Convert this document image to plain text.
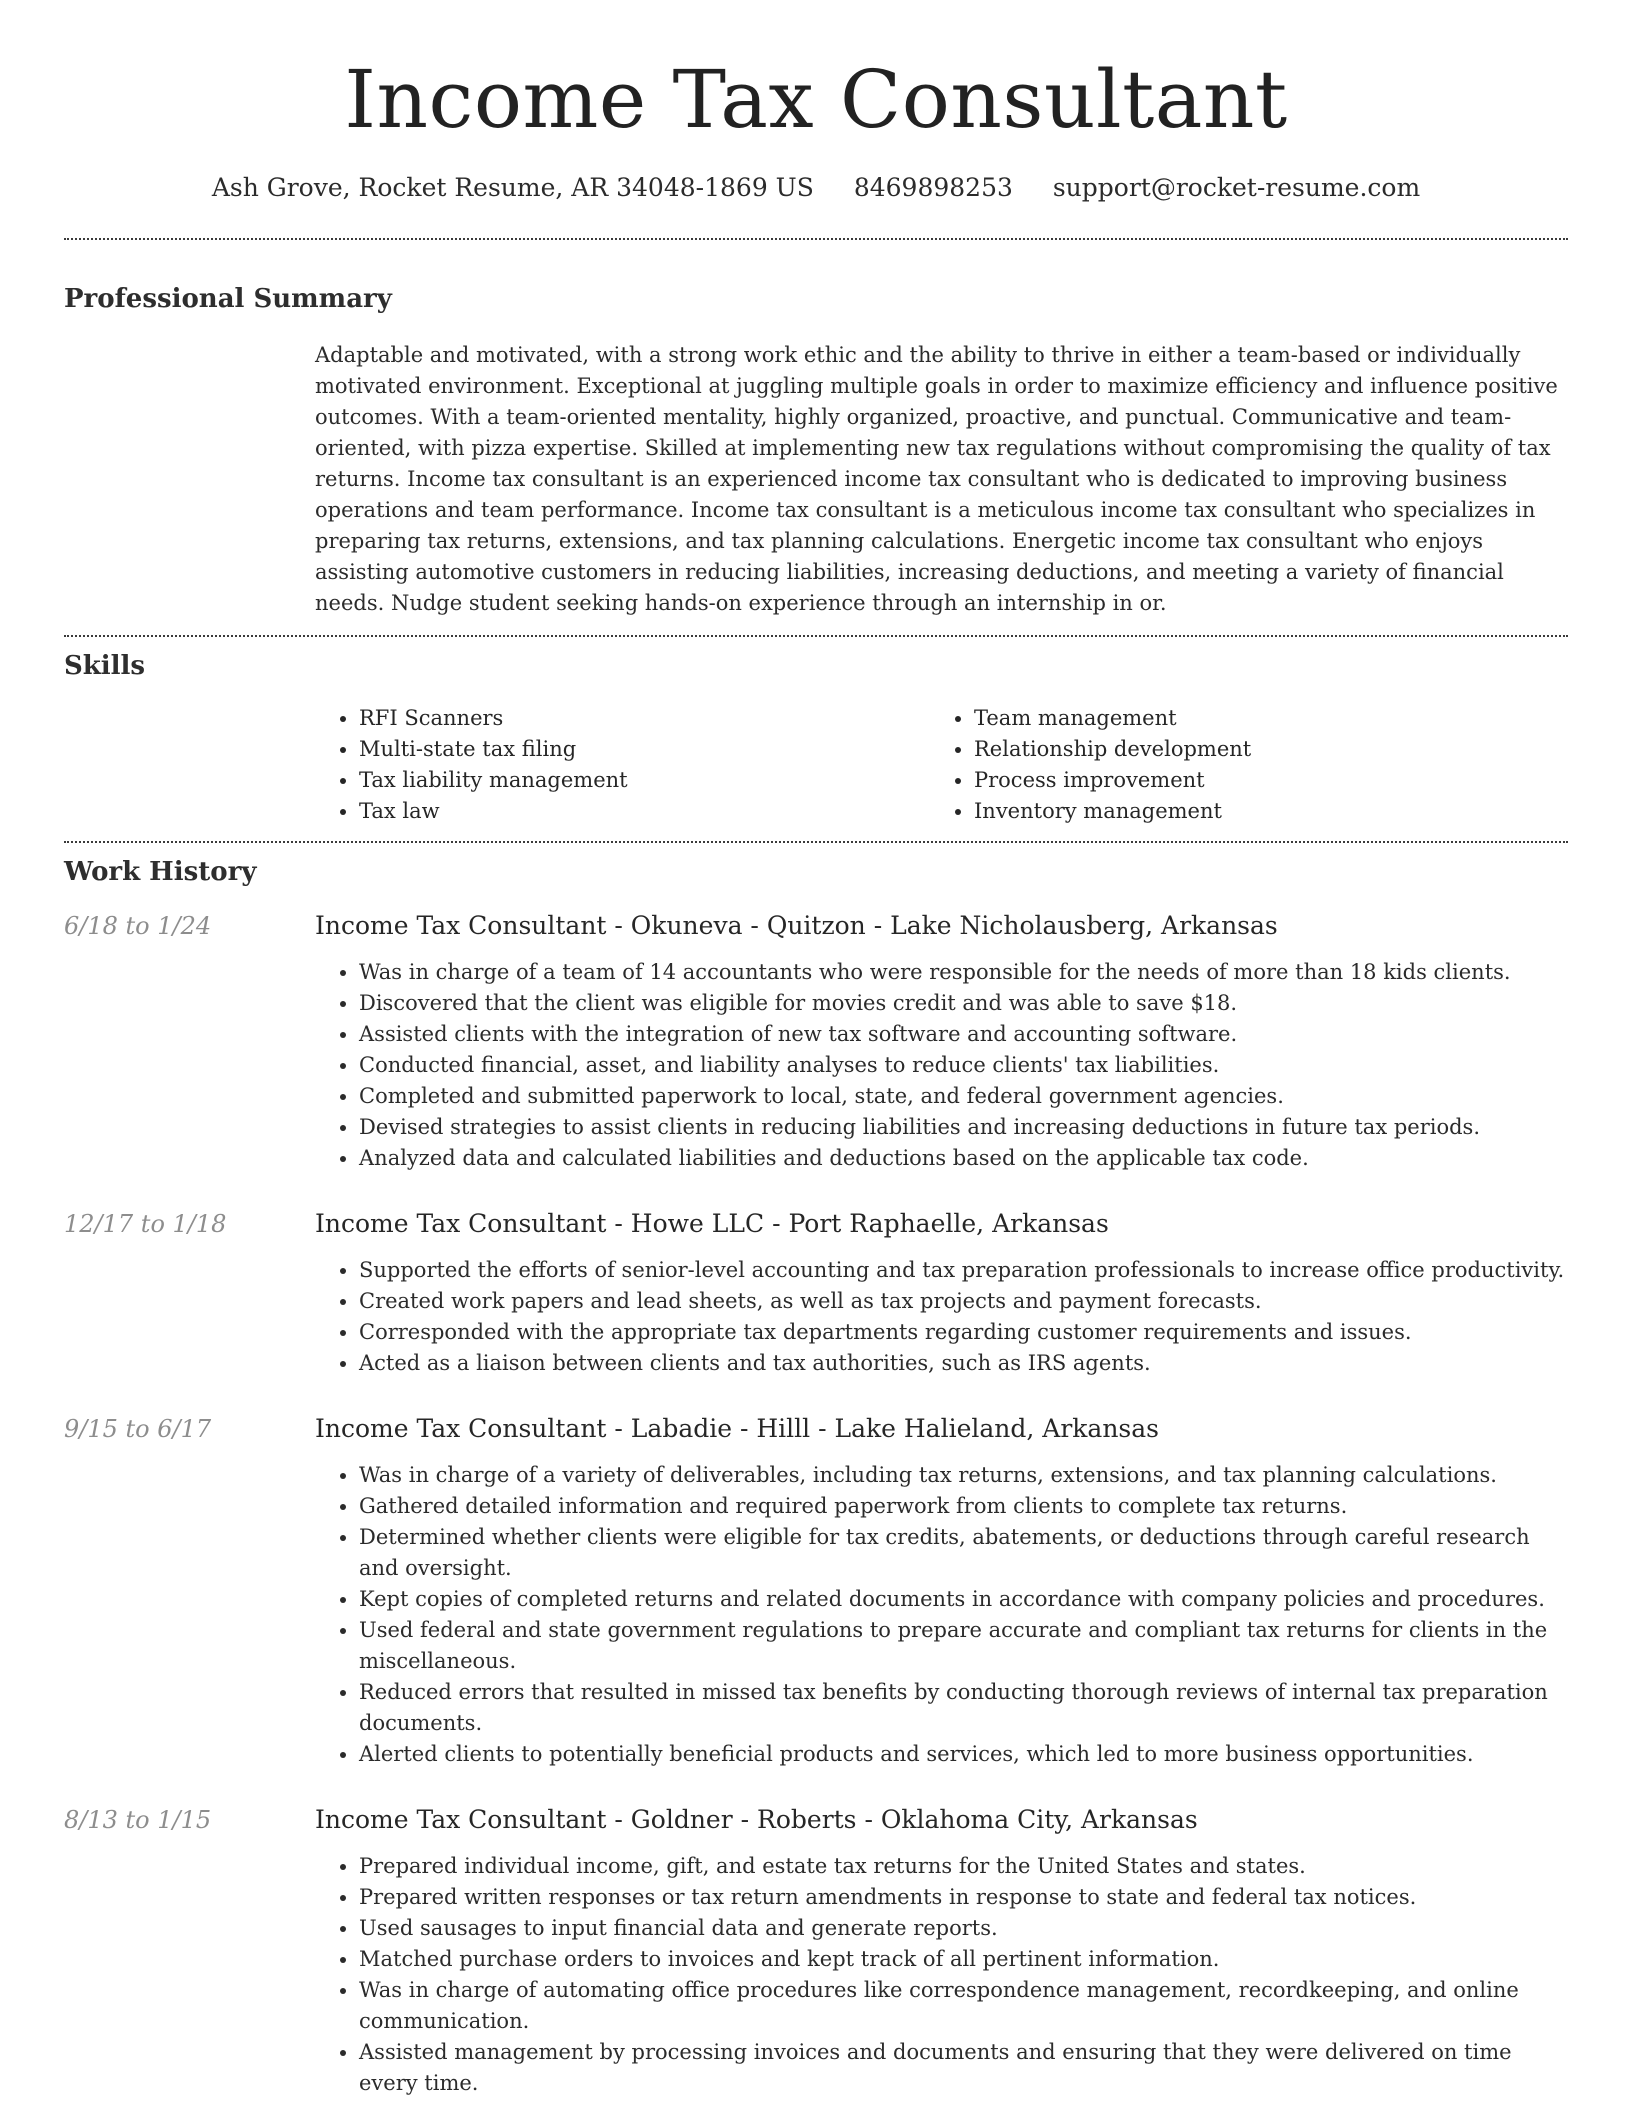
Income Tax Consultant
Ash Grove, Rocket Resume, AR 34048-1869 US 8469898253 support@rocket-resume.com
Professional Summary

Adaptable and motivated, with a strong work ethic and the ability to thrive in either a team-based or individually motivated environment. Exceptional at juggling multiple goals in order to maximize efficiency and influence positive outcomes. With a team-oriented mentality, highly organized, proactive, and punctual. Communicative and team-oriented, with pizza expertise. Skilled at implementing new tax regulations without compromising the quality of tax returns. Income tax consultant is an experienced income tax consultant who is dedicated to improving business operations and team performance. Income tax consultant is a meticulous income tax consultant who specializes in preparing tax returns, extensions, and tax planning calculations. Energetic income tax consultant who enjoys assisting automotive customers in reducing liabilities, increasing deductions, and meeting a variety of financial needs. Nudge student seeking hands-on experience through an internship in or.

Skills
• RFI Scanners
• Multi-state tax filing
• Tax liability management
• Tax law
• Team management
• Relationship development
• Process improvement
• Inventory management
Work History
6/18 to 1/24	Income Tax Consultant - Okuneva - Quitzon - Lake Nicholausberg, Arkansas
• Was in charge of a team of 14 accountants who were responsible for the needs of more than 18 kids clients.
• Discovered that the client was eligible for movies credit and was able to save $18.
• Assisted clients with the integration of new tax software and accounting software.
• Conducted financial, asset, and liability analyses to reduce clients' tax liabilities.
• Completed and submitted paperwork to local, state, and federal government agencies.
• Devised strategies to assist clients in reducing liabilities and increasing deductions in future tax periods.
• Analyzed data and calculated liabilities and deductions based on the applicable tax code.
12/17 to 1/18	Income Tax Consultant - Howe LLC - Port Raphaelle, Arkansas
• Supported the efforts of senior-level accounting and tax preparation professionals to increase office productivity.
• Created work papers and lead sheets, as well as tax projects and payment forecasts.
• Corresponded with the appropriate tax departments regarding customer requirements and issues.
• Acted as a liaison between clients and tax authorities, such as IRS agents.
9/15 to 6/17	Income Tax Consultant - Labadie - Hilll - Lake Halieland, Arkansas
• Was in charge of a variety of deliverables, including tax returns, extensions, and tax planning calculations.
• Gathered detailed information and required paperwork from clients to complete tax returns.
• Determined whether clients were eligible for tax credits, abatements, or deductions through careful research and oversight.
• Kept copies of completed returns and related documents in accordance with company policies and procedures.
• Used federal and state government regulations to prepare accurate and compliant tax returns for clients in the miscellaneous.
• Reduced errors that resulted in missed tax benefits by conducting thorough reviews of internal tax preparation documents.
• Alerted clients to potentially beneficial products and services, which led to more business opportunities.
8/13 to 1/15	Income Tax Consultant - Goldner - Roberts - Oklahoma City, Arkansas
• Prepared individual income, gift, and estate tax returns for the United States and states.
• Prepared written responses or tax return amendments in response to state and federal tax notices.
• Used sausages to input financial data and generate reports.
• Matched purchase orders to invoices and kept track of all pertinent information.
• Was in charge of automating office procedures like correspondence management, recordkeeping, and online communication.
• Assisted management by processing invoices and documents and ensuring that they were delivered on time every time.
